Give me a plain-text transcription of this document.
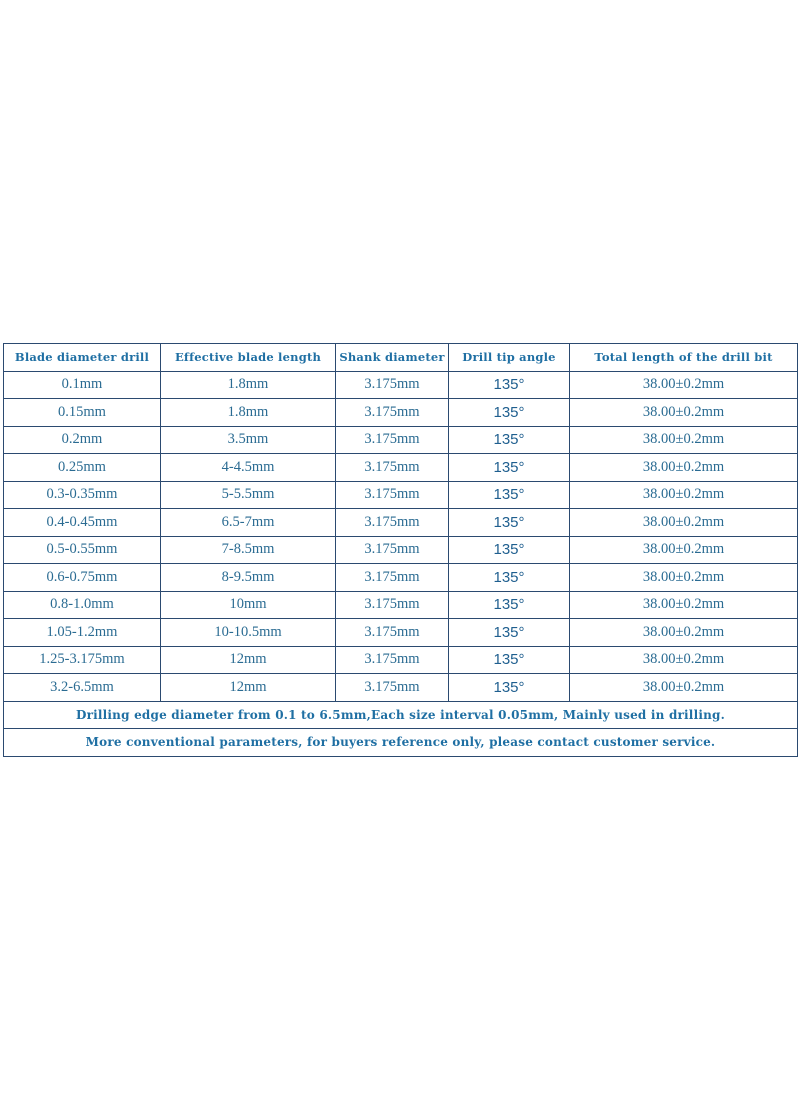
Blade diameter drill	Effective blade length	Shank diameter	Drill tip angle	Total length of the drill bit
0.1mm	1.8mm	3.175mm	135°	38.00±0.2mm
0.15mm	1.8mm	3.175mm	135°	38.00±0.2mm
0.2mm	3.5mm	3.175mm	135°	38.00±0.2mm
0.25mm	4-4.5mm	3.175mm	135°	38.00±0.2mm
0.3-0.35mm	5-5.5mm	3.175mm	135°	38.00±0.2mm
0.4-0.45mm	6.5-7mm	3.175mm	135°	38.00±0.2mm
0.5-0.55mm	7-8.5mm	3.175mm	135°	38.00±0.2mm
0.6-0.75mm	8-9.5mm	3.175mm	135°	38.00±0.2mm
0.8-1.0mm	10mm	3.175mm	135°	38.00±0.2mm
1.05-1.2mm	10-10.5mm	3.175mm	135°	38.00±0.2mm
1.25-3.175mm	12mm	3.175mm	135°	38.00±0.2mm
3.2-6.5mm	12mm	3.175mm	135°	38.00±0.2mm
Drilling edge diameter from 0.1 to 6.5mm,Each size interval 0.05mm, Mainly used in drilling.				
More conventional parameters, for buyers reference only, please contact customer service.				
